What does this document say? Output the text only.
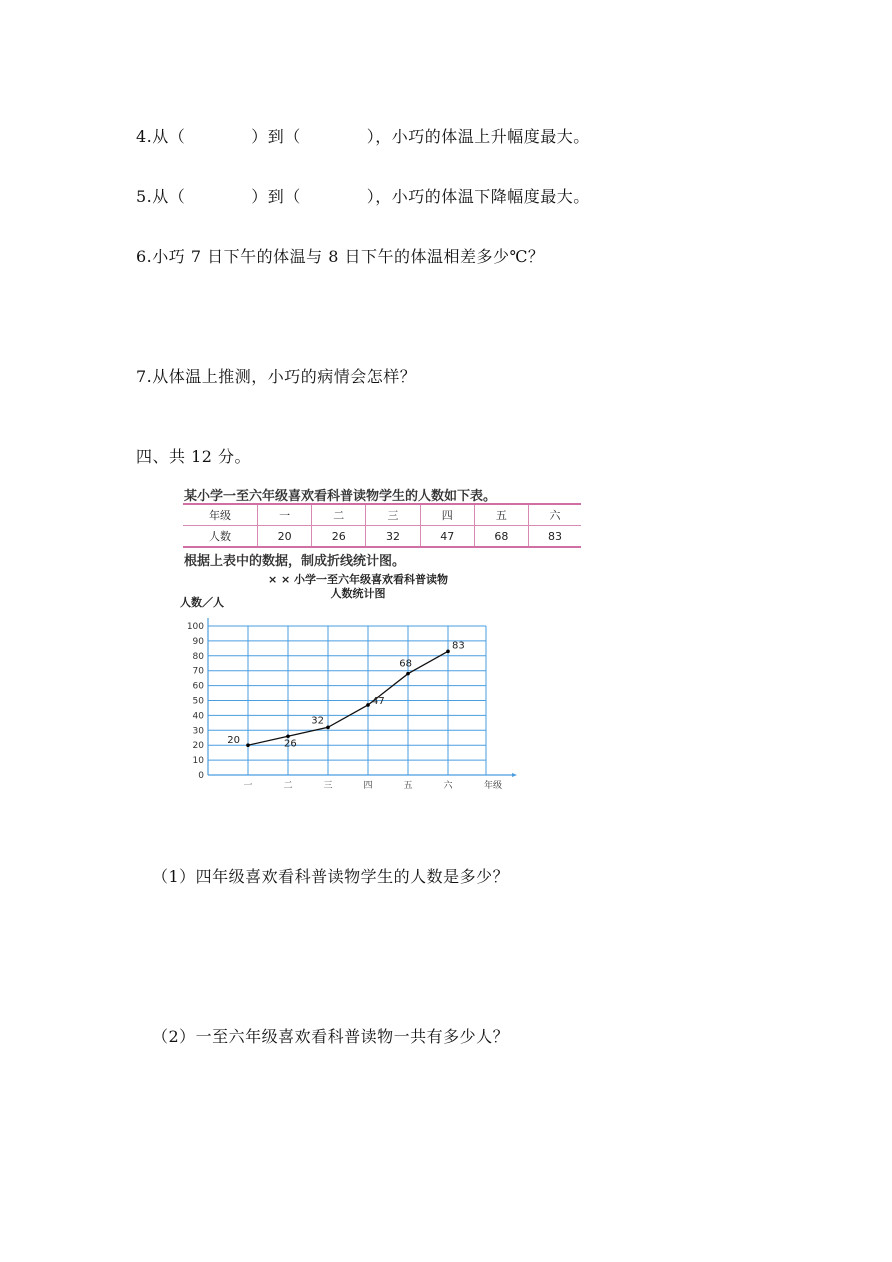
4.从（　　　　）到（　　　　），小巧的体温上升幅度最大。
5.从（　　　　）到（　　　　），小巧的体温下降幅度最大。
6.小巧 7 日下午的体温与 8 日下午的体温相差多少℃？
7.从体温上推测，小巧的病情会怎样？
四、共 12 分。
某小学一至六年级喜欢看科普读物学生的人数如下表。
年级	一	二	三	四	五	六
人数	20	26	32	47	68	83
根据上表中的数据，制成折线统计图。
× × 小学一至六年级喜欢看科普读物
人数统计图
人数／人
0
10
20
30
40
50
60
70
80
90
100
一	二	三	四	五	六
20	26
32
47
68
83
年级
（1）四年级喜欢看科普读物学生的人数是多少？
（2）一至六年级喜欢看科普读物一共有多少人？
